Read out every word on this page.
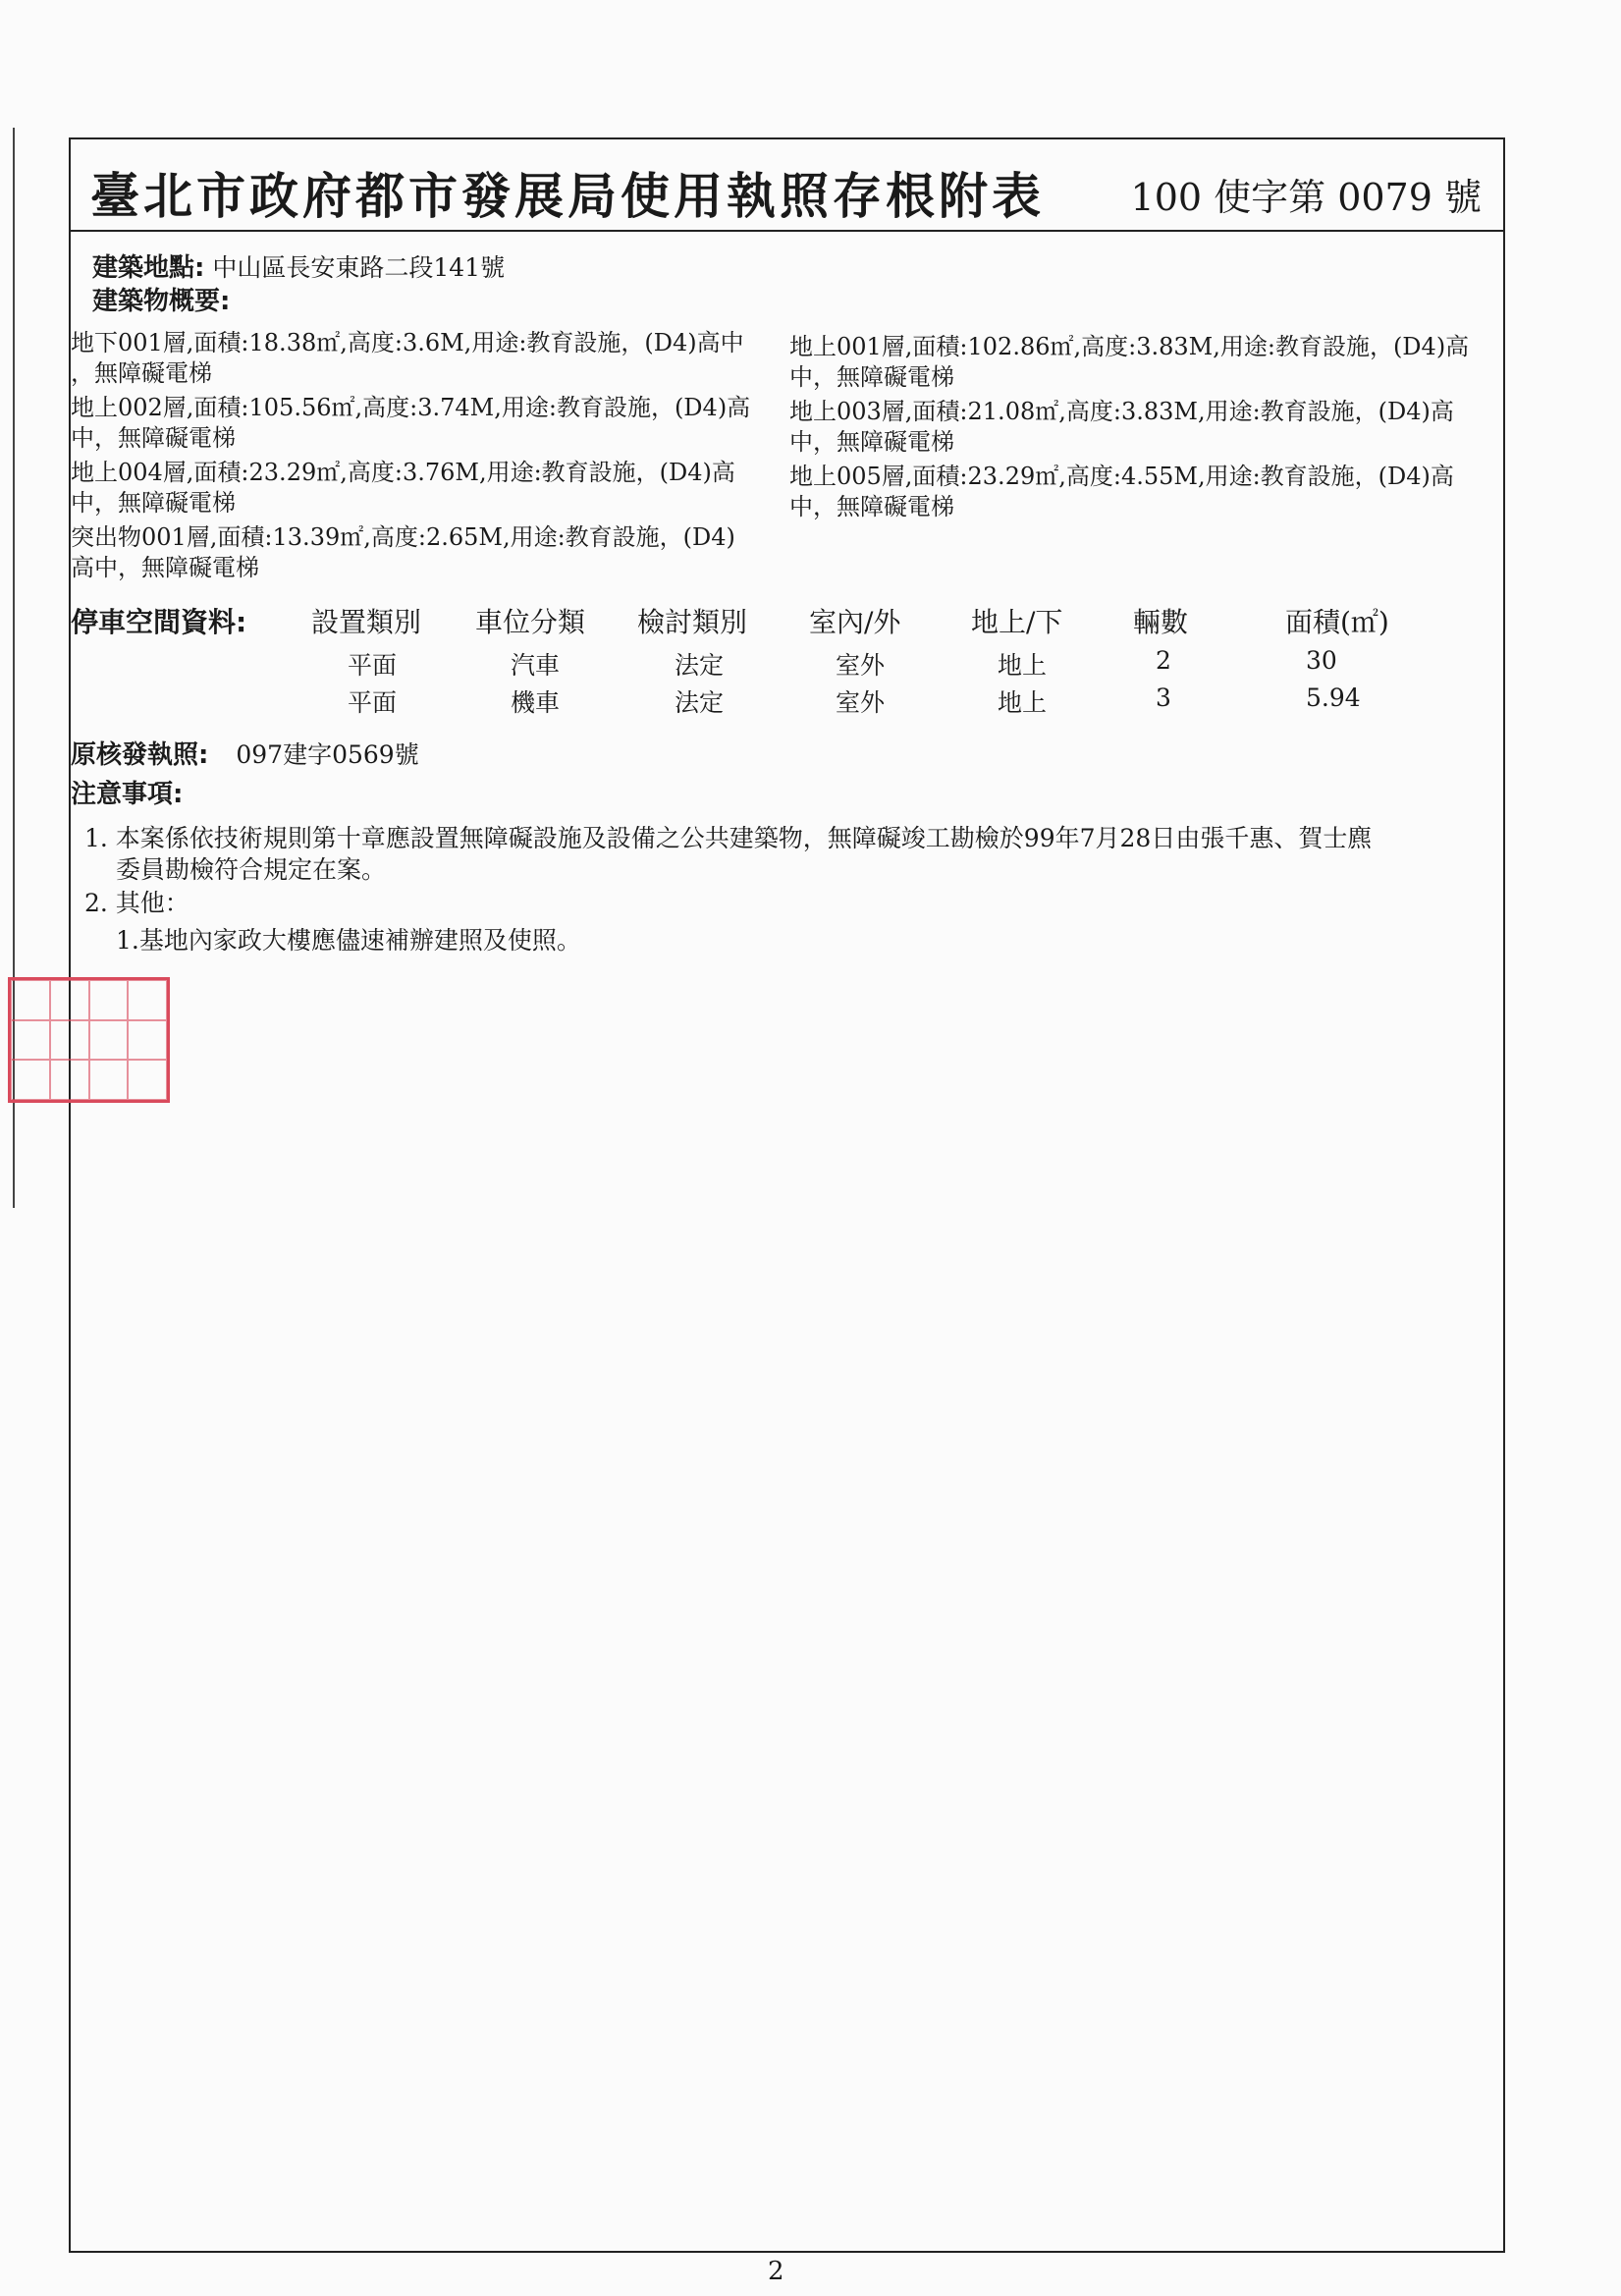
臺北市政府都市發展局使用執照存根附表 100 使字第 0079 號
建築地點: 中山區長安東路二段141號
建築物概要:
地下001層,面積:18.38㎡,高度:3.6M,用途:教育設施，(D4)高中
，無障礙電梯
地上002層,面積:105.56㎡,高度:3.74M,用途:教育設施，(D4)高
中，無障礙電梯
地上004層,面積:23.29㎡,高度:3.76M,用途:教育設施，(D4)高
中，無障礙電梯
突出物001層,面積:13.39㎡,高度:2.65M,用途:教育設施，(D4)
高中，無障礙電梯
地上001層,面積:102.86㎡,高度:3.83M,用途:教育設施，(D4)高
中，無障礙電梯
地上003層,面積:21.08㎡,高度:3.83M,用途:教育設施，(D4)高
中，無障礙電梯
地上005層,面積:23.29㎡,高度:4.55M,用途:教育設施，(D4)高
中，無障礙電梯
停車空間資料: 設置類別 車位分類 檢討類別 室內/外	地上/下	輛數	面積(㎡)
平面	汽車	法定	室外	地上	2	30
平面	機車	法定	室外	地上	3	5.94
原核發執照: 097建字0569號
注意事項:
1. 本案係依技術規則第十章應設置無障礙設施及設備之公共建築物，無障礙竣工勘檢於99年7月28日由張千惠、賀士麃
委員勘檢符合規定在案。
2. 其他：
1.基地內家政大樓應儘速補辦建照及使照。
2
